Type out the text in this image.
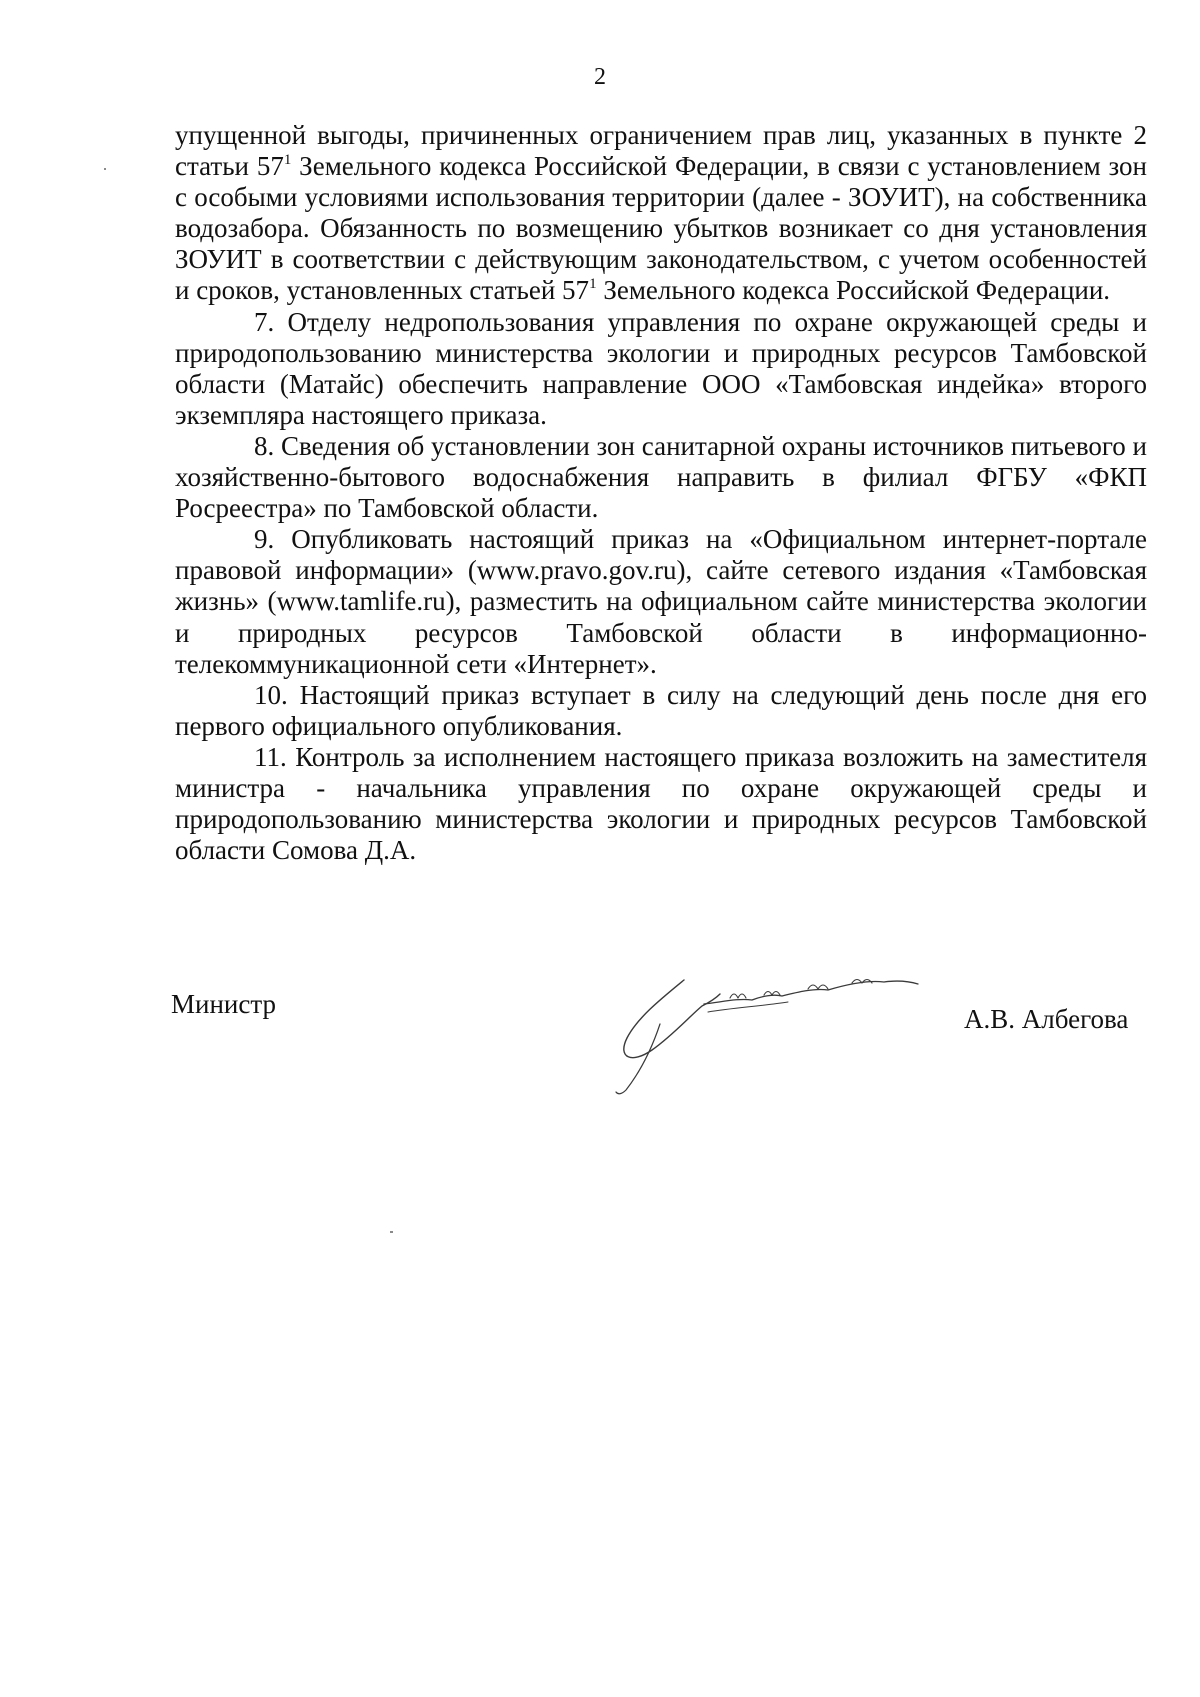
2

упущенной выгоды, причиненных ограничением прав лиц, указанных в пункте 2 статьи $57^1$ Земельного кодекса Российской Федерации, в связи с установлением зон с особыми условиями использования территории (далее - ЗОУИТ), на собственника водозабора. Обязанность по возмещению убытков возникает со дня установления ЗОУИТ в соответствии с действующим законодательством, с учетом особенностей и сроков, установленных статьей $57^1$ Земельного кодекса Российской Федерации.

7. Отделу недропользования управления по охране окружающей среды и природопользованию министерства экологии и природных ресурсов Тамбовской области (Матайс) обеспечить направление ООО «Тамбовская индейка» второго экземпляра настоящего приказа.

8. Сведения об установлении зон санитарной охраны источников питьевого и хозяйственно-бытового водоснабжения направить в филиал ФГБУ «ФКП Росреестра» по Тамбовской области.

9. Опубликовать настоящий приказ на «Официальном интернет-портале правовой информации» (www.pravo.gov.ru), сайте сетевого издания «Тамбовская жизнь» (www.tamlife.ru), разместить на официальном сайте министерства экологии и природных ресурсов Тамбовской области в информационно-телекоммуникационной сети «Интернет».

10. Настоящий приказ вступает в силу на следующий день после дня его первого официального опубликования.

11. Контроль за исполнением настоящего приказа возложить на заместителя министра - начальника управления по охране окружающей среды и природопользованию министерства экологии и природных ресурсов Тамбовской области Сомова Д.А.

Министр	А.В. Албегова
